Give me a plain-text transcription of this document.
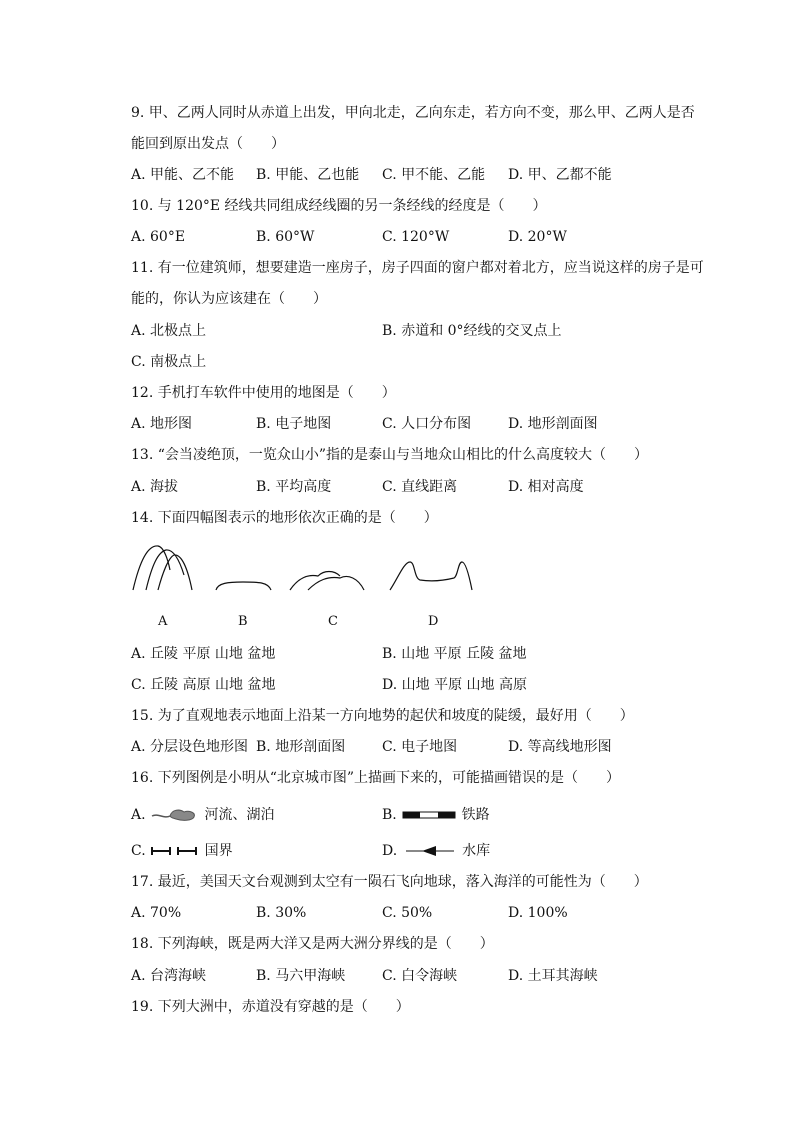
9. 甲、乙两人同时从赤道上出发，甲向北走，乙向东走，若方向不变，那么甲、乙两人是否
能回到原出发点（　　）
A. 甲能、乙不能 B. 甲能、乙也能 C. 甲不能、乙能 D. 甲、乙都不能
10. 与 120°E 经线共同组成经线圈的另一条经线的经度是（　　）
A. 60°E	B. 60°W	C. 120°W	D. 20°W
11. 有一位建筑师，想要建造一座房子，房子四面的窗户都对着北方，应当说这样的房子是可
能的，你认为应该建在（　　）
A. 北极点上	B. 赤道和 0°经线的交叉点上
C. 南极点上
12. 手机打车软件中使用的地图是（　　）
A. 地形图	B. 电子地图	C. 人口分布图	D. 地形剖面图
13. “会当凌绝顶，一览众山小”指的是泰山与当地众山相比的什么高度较大（　　）
A. 海拔	B. 平均高度	C. 直线距离	D. 相对高度
14. 下面四幅图表示的地形依次正确的是（　　）
A	B	C	D
A. 丘陵 平原 山地 盆地	B. 山地 平原 丘陵 盆地
C. 丘陵 高原 山地 盆地	D. 山地 平原 山地 高原
15. 为了直观地表示地面上沿某一方向地势的起伏和坡度的陡缓，最好用（　　）
A. 分层设色地形图 B. 地形剖面图	C. 电子地图	D. 等高线地形图
16. 下列图例是小明从“北京城市图”上描画下来的，可能描画错误的是（　　）
A.	河流、湖泊	B.	铁路
C.	国界	D.	水库
17. 最近，美国天文台观测到太空有一陨石飞向地球，落入海洋的可能性为（　　）
A. 70%	B. 30%	C. 50%	D. 100%
18. 下列海峡，既是两大洋又是两大洲分界线的是（　　）
A. 台湾海峡	B. 马六甲海峡	C. 白令海峡	D. 土耳其海峡
19. 下列大洲中，赤道没有穿越的是（　　）
